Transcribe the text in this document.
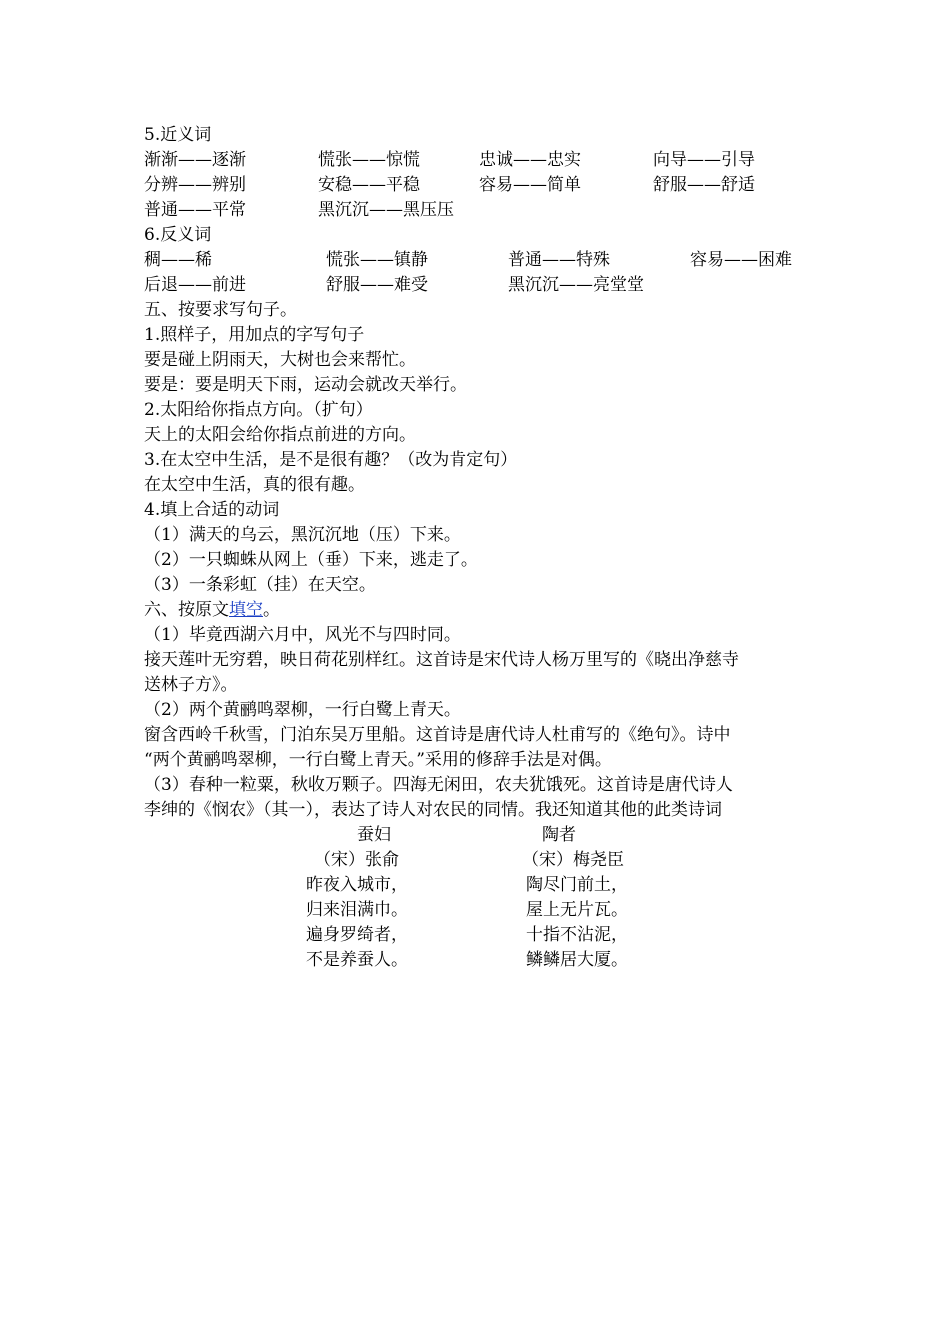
5.近义词
渐渐——逐渐	慌张——惊慌	忠诚——忠实	向导——引导
分辨——辨别	安稳——平稳	容易——简单	舒服——舒适
普通——平常	黑沉沉——黑压压
6.反义词
稠——稀	慌张——镇静	普通——特殊	容易——困难
后退——前进	舒服——难受	黑沉沉——亮堂堂
五、按要求写句子。
1.照样子，用加点的字写句子
要是碰上阴雨天，大树也会来帮忙。
要是：要是明天下雨，运动会就改天举行。
2.太阳给你指点方向。（扩句）
天上的太阳会给你指点前进的方向。
3.在太空中生活，是不是很有趣？（改为肯定句）
在太空中生活，真的很有趣。
4.填上合适的动词
（1）满天的乌云，黑沉沉地（压）下来。
（2）一只蜘蛛从网上（垂）下来，逃走了。
（3）一条彩虹（挂）在天空。
六、按原文填空。
（1）毕竟西湖六月中，风光不与四时同。
接天莲叶无穷碧，映日荷花别样红。这首诗是宋代诗人杨万里写的《晓出净慈寺
送林子方》。
（2）两个黄鹂鸣翠柳，一行白鹭上青天。
窗含西岭千秋雪，门泊东吴万里船。这首诗是唐代诗人杜甫写的《绝句》。诗中
“两个黄鹂鸣翠柳，一行白鹭上青天。”采用的修辞手法是对偶。
（3）春种一粒粟，秋收万颗子。四海无闲田，农夫犹饿死。这首诗是唐代诗人
李绅的《悯农》（其一），表达了诗人对农民的同情。我还知道其他的此类诗词
蚕妇
（宋）张俞
昨夜入城市，
归来泪满巾。
遍身罗绮者，
不是养蚕人。
陶者
（宋）梅尧臣
陶尽门前土，
屋上无片瓦。
十指不沾泥，
鳞鳞居大厦。
